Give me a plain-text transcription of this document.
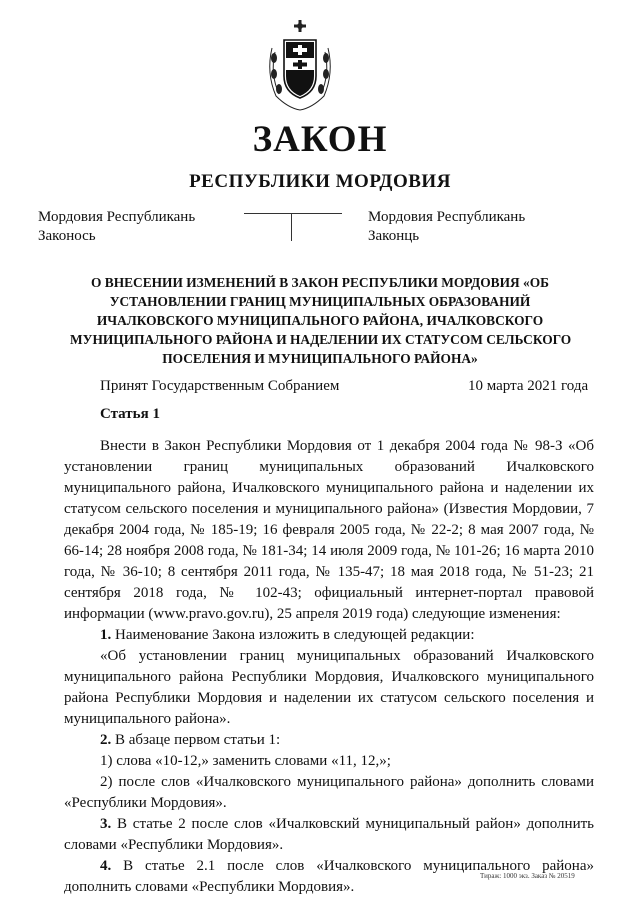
ЗАКОН
РЕСПУБЛИКИ МОРДОВИЯ
Мордовия Республикань
Законось
Мордовия Республикань
Законць
О ВНЕСЕНИИ ИЗМЕНЕНИЙ В ЗАКОН РЕСПУБЛИКИ МОРДОВИЯ «ОБ
УСТАНОВЛЕНИИ ГРАНИЦ МУНИЦИПАЛЬНЫХ ОБРАЗОВАНИЙ
ИЧАЛКОВСКОГО МУНИЦИПАЛЬНОГО РАЙОНА, ИЧАЛКОВСКОГО
МУНИЦИПАЛЬНОГО РАЙОНА И НАДЕЛЕНИИ ИХ СТАТУСОМ СЕЛЬСКОГО
ПОСЕЛЕНИЯ И МУНИЦИПАЛЬНОГО РАЙОНА»
Принят Государственным Собранием	10 марта 2021 года
Статья 1

Внести в Закон Республики Мордовия от 1 декабря 2004 года № 98-З «Об установлении границ муниципальных образований Ичалковского муниципального района, Ичалковского муниципального района и наделении их статусом сельского поселения и муниципального района» (Известия Мордовии, 7 декабря 2004 года, № 185-19; 16 февраля 2005 года, № 22-2; 8 мая 2007 года, № 66-14; 28 ноября 2008 года, № 181-34; 14 июля 2009 года, № 101-26; 16 марта 2010 года, № 36-10; 8 сентября 2011 года, № 135-47; 18 мая 2018 года, № 51-23; 21 сентября 2018 года, № 102-43; официальный интернет-портал правовой информации (www.pravo.gov.ru), 25 апреля 2019 года) следующие изменения:

1. Наименование Закона изложить в следующей редакции:

«Об установлении границ муниципальных образований Ичалковского муниципального района Республики Мордовия, Ичалковского муниципального района Республики Мордовия и наделении их статусом сельского поселения и муниципального района».

2. В абзаце первом статьи 1:

1) слова «10-12,» заменить словами «11, 12,»;

2) после слов «Ичалковского муниципального района» дополнить словами «Республики Мордовия».

3. В статье 2 после слов «Ичалковский муниципальный район» дополнить словами «Республики Мордовия».

4. В статье 2.1 после слов «Ичалковского муниципального района» дополнить словами «Республики Мордовия».

Тираж: 1000 экз. Заказ № 20519
